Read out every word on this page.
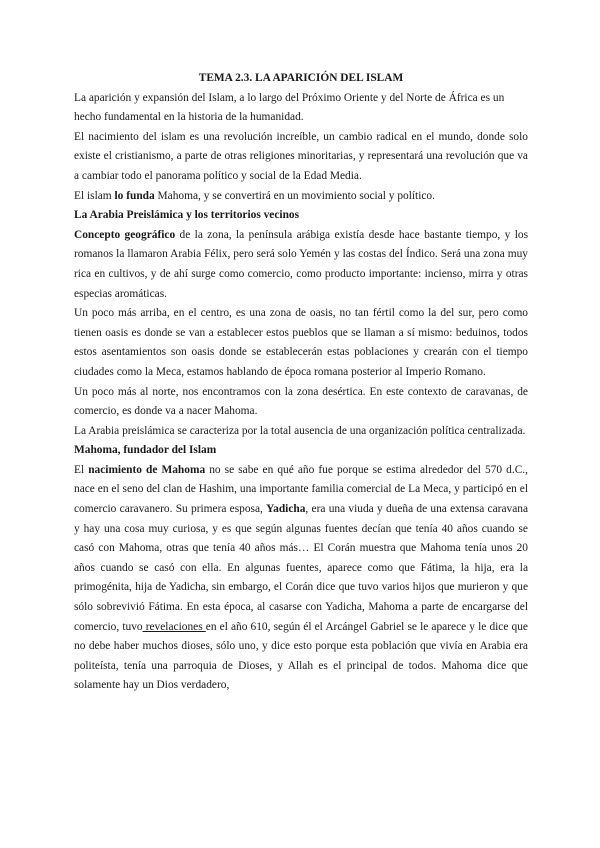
TEMA 2.3. LA APARICIÓN DEL ISLAM

La aparición y expansión del Islam, a lo largo del Próximo Oriente y del Norte de África es un hecho fundamental en la historia de la humanidad.

El nacimiento del islam es una revolución increíble, un cambio radical en el mundo, donde solo existe el cristianismo, a parte de otras religiones minoritarias, y representará una revolución que va a cambiar todo el panorama político y social de la Edad Media.

El islam lo funda Mahoma, y se convertirá en un movimiento social y político.

La Arabia Preislámica y los territorios vecinos

Concepto geográfico de la zona, la península arábiga existía desde hace bastante tiempo, y los romanos la llamaron Arabia Félix, pero será solo Yemén y las costas del Índico. Será una zona muy rica en cultivos, y de ahí surge como comercio, como producto importante: incienso, mirra y otras especias aromáticas.

Un poco más arriba, en el centro, es una zona de oasis, no tan fértil como la del sur, pero como tienen oasis es donde se van a establecer estos pueblos que se llaman a sí mismo: beduinos, todos estos asentamientos son oasis donde se establecerán estas poblaciones y crearán con el tiempo ciudades como la Meca, estamos hablando de época romana posterior al Imperio Romano.

Un poco más al norte, nos encontramos con la zona desértica. En este contexto de caravanas, de comercio, es donde va a nacer Mahoma.

La Arabia preislámica se caracteriza por la total ausencia de una organización política centralizada.

Mahoma, fundador del Islam

El nacimiento de Mahoma no se sabe en qué año fue porque se estima alrededor del 570 d.C., nace en el seno del clan de Hashim, una importante familia comercial de La Meca, y participó en el comercio caravanero. Su primera esposa, Yadicha, era una viuda y dueña de una extensa caravana y hay una cosa muy curiosa, y es que según algunas fuentes decían que tenía 40 años cuando se casó con Mahoma, otras que tenía 40 años más… El Corán muestra que Mahoma tenía unos 20 años cuando se casó con ella. En algunas fuentes, aparece como que Fátima, la hija, era la primogénita, hija de Yadicha, sin embargo, el Corán dice que tuvo varios hijos que murieron y que sólo sobrevivió Fátima. En esta época, al casarse con Yadicha, Mahoma a parte de encargarse del comercio, tuvo revelaciones en el año 610, según él el Arcángel Gabriel se le aparece y le dice que no debe haber muchos dioses, sólo uno, y dice esto porque esta población que vivía en Arabia era politeísta, tenía una parroquia de Dioses, y Allah es el principal de todos. Mahoma dice que solamente hay un Dios verdadero,
